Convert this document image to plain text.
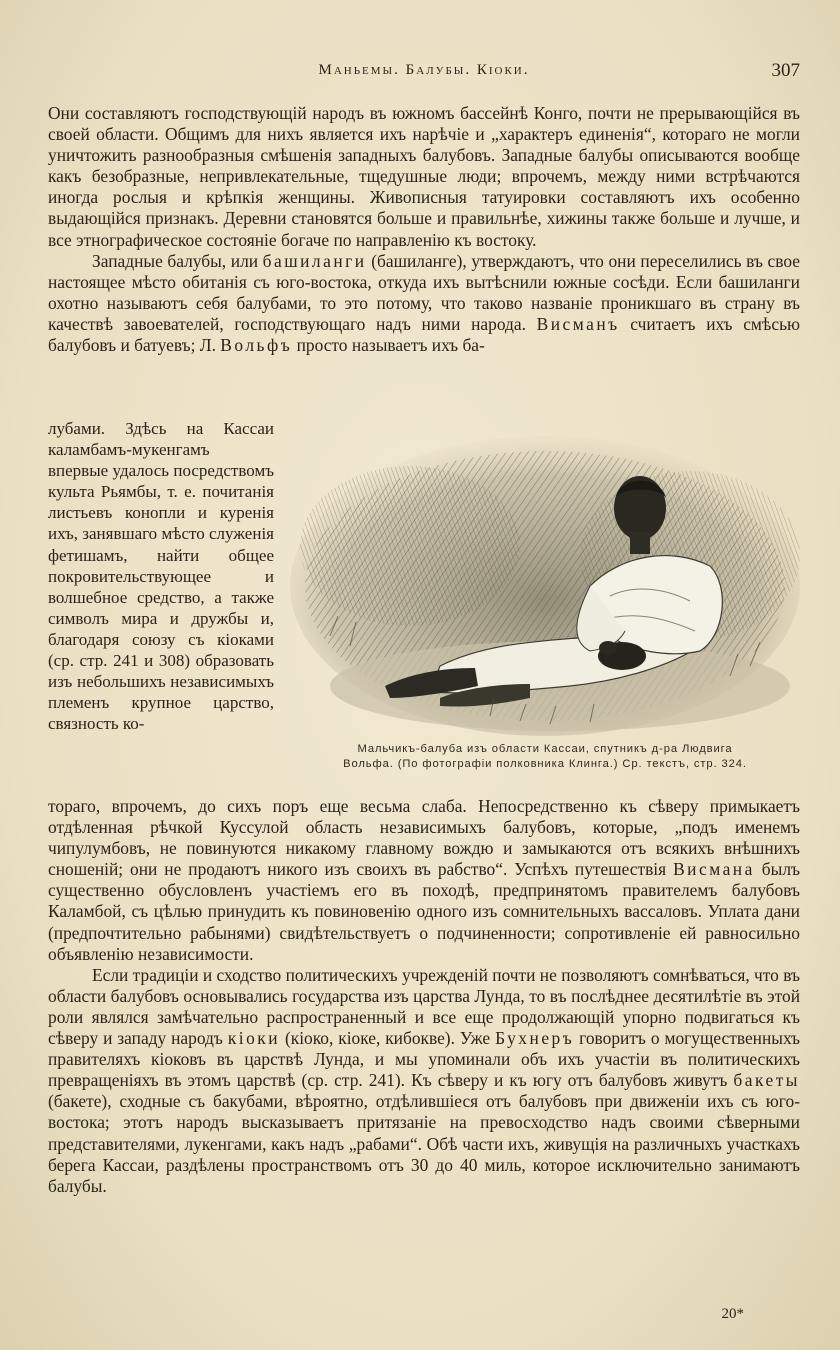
Маньемы. Балубы. Кіоки.	307

Они составляютъ господствующій народъ въ южномъ бассейнѣ Конго, почти не прерывающійся въ своей области. Общимъ для нихъ является ихъ нарѣчіе и „характеръ единенія“, котораго не могли уничтожить разнообразныя смѣшенія западныхъ балубовъ. Западные балубы описываются вообще какъ безобразные, непривлекательные, тщедушные люди; впрочемъ, между ними встрѣчаются иногда рослыя и крѣпкія женщины. Живописныя татуировки составляютъ ихъ особенно выдающійся признакъ. Деревни становятся больше и правильнѣе, хижины также больше и лучше, и все этнографическое состояніе богаче по направленію къ востоку.

Западные балубы, или башиланги (башиланге), утверждаютъ, что они переселились въ свое настоящее мѣсто обитанія съ юго-востока, откуда ихъ вытѣснили южные сосѣди. Если башиланги охотно называютъ себя балубами, то это потому, что таково названіе проникшаго въ страну въ качествѣ завоевателей, господствующаго надъ ними народа. Висманъ считаетъ ихъ смѣсью балубовъ и батуевъ; Л. Вольфъ просто называетъ ихъ ба-

лубами. Здѣсь на Кассаи каламбамъ-мукенгамъ впервые удалось посредствомъ культа Рьямбы, т. е. почитанія листьевъ конопли и куренія ихъ, занявшаго мѣсто служенія фетишамъ, найти общее покровительствующее и волшебное средство, а также символъ мира и дружбы и, благодаря союзу съ кіоками (ср. стр. 241 и 308) образовать изъ небольшихъ независимыхъ племенъ крупное царство, связность ко-

Мальчикъ-балуба изъ области Кассаи, спутникъ д-ра Людвига
Вольфа. (По фотографіи полковника Клинга.) Ср. текстъ, стр. 324.

тораго, впрочемъ, до сихъ поръ еще весьма слаба. Непосредственно къ сѣверу примыкаетъ отдѣленная рѣчкой Куссулой область независимыхъ балубовъ, которые, „подъ именемъ чипулумбовъ, не повинуются никакому главному вождю и замыкаются отъ всякихъ внѣшнихъ сношеній; они не продаютъ никого изъ своихъ въ рабство“. Успѣхъ путешествія Висмана былъ существенно обусловленъ участіемъ его въ походѣ, предпринятомъ правителемъ балубовъ Каламбой, съ цѣлью принудить къ повиновенію одного изъ сомнительныхъ вассаловъ. Уплата дани (предпочтительно рабынями) свидѣтельствуетъ о подчиненности; сопротивленіе ей равносильно объявленію независимости.

Если традиціи и сходство политическихъ учрежденій почти не позволяютъ сомнѣваться, что въ области балубовъ основывались государства изъ царства Лунда, то въ послѣднее десятилѣтіе въ этой роли являлся замѣчательно распространенный и все еще продолжающій упорно подвигаться къ сѣверу и западу народъ кіоки (кіоко, кіоке, кибокве). Уже Бухнеръ говоритъ о могущественныхъ правителяхъ кіоковъ въ царствѣ Лунда, и мы упоминали объ ихъ участіи въ политическихъ превращеніяхъ въ этомъ царствѣ (ср. стр. 241). Къ сѣверу и къ югу отъ балубовъ живутъ бакеты (бакете), сходные съ бакубами, вѣроятно, отдѣлившіеся отъ балубовъ при движеніи ихъ съ юго-востока; этотъ народъ высказываетъ притязаніе на превосходство надъ своими сѣверными представителями, лукенгами, какъ надъ „рабами“. Обѣ части ихъ, живущія на различныхъ участкахъ берега Кассаи, раздѣлены пространствомъ отъ 30 до 40 миль, которое исключительно занимаютъ балубы.

20*
